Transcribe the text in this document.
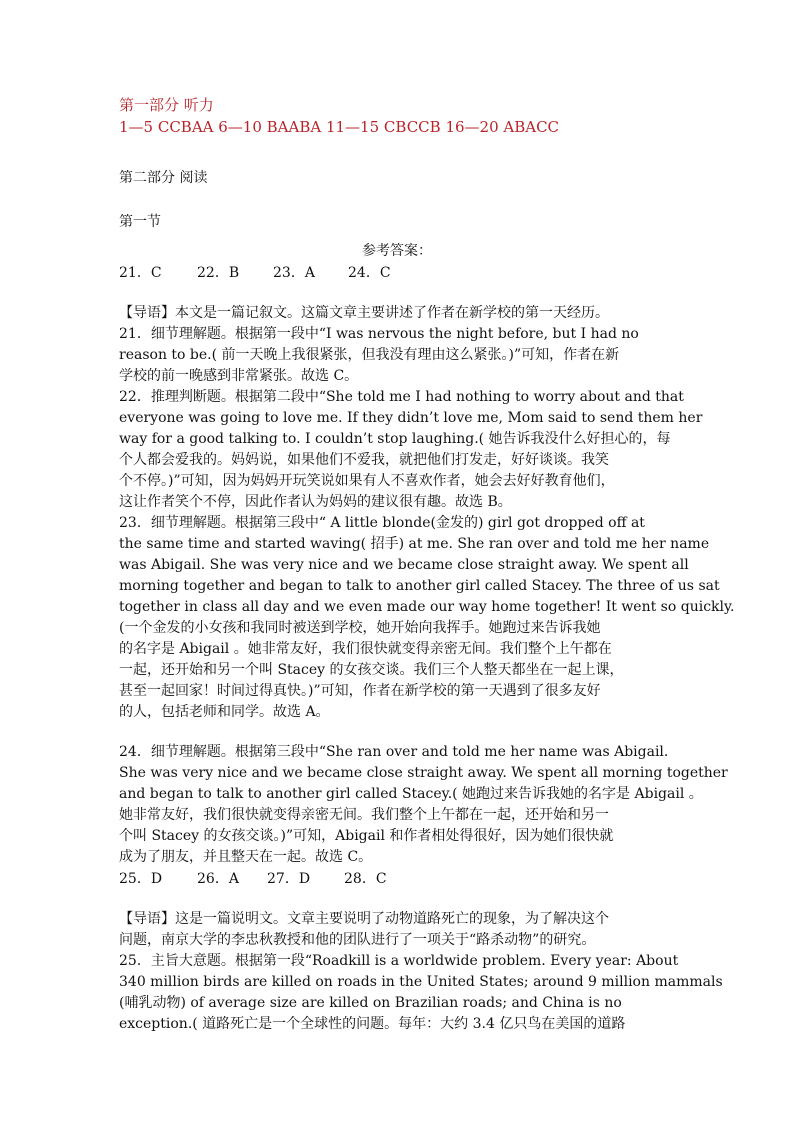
第一部分 听力
1—5 CCBAA 6—10 BAABA 11—15 CBCCB 16—20 ABACC
第二部分 阅读
第一节
参考答案：
21．C	22．B 23．A 24．C
【导语】本文是一篇记叙文。这篇文章主要讲述了作者在新学校的第一天经历。
21．细节理解题。根据第一段中“I was nervous the night before, but I had no
reason to be.( 前一天晚上我很紧张，但我没有理由这么紧张。)”可知，作者在新
学校的前一晚感到非常紧张。故选 C。
22．推理判断题。根据第二段中“She told me I had nothing to worry about and that
everyone was going to love me. If they didn’t love me, Mom said to send them her
way for a good talking to. I couldn’t stop laughing.( 她告诉我没什么好担心的，每
个人都会爱我的。妈妈说，如果他们不爱我，就把他们打发走，好好谈谈。我笑
个不停。)”可知，因为妈妈开玩笑说如果有人不喜欢作者，她会去好好教育他们，
这让作者笑个不停，因此作者认为妈妈的建议很有趣。故选 B。
23．细节理解题。根据第三段中“ A little blonde(金发的) girl got dropped off at
the same time and started waving( 招手) at me. She ran over and told me her name
was Abigail. She was very nice and we became close straight away. We spent all
morning together and began to talk to another girl called Stacey. The three of us sat
together in class all day and we even made our way home together! It went so quickly.
(一个金发的小女孩和我同时被送到学校，她开始向我挥手。她跑过来告诉我她
的名字是 Abigail 。她非常友好，我们很快就变得亲密无间。我们整个上午都在
一起，还开始和另一个叫 Stacey 的女孩交谈。我们三个人整天都坐在一起上课，
甚至一起回家！时间过得真快。)”可知，作者在新学校的第一天遇到了很多友好
的人，包括老师和同学。故选 A。
24．细节理解题。根据第三段中“She ran over and told me her name was Abigail.
She was very nice and we became close straight away. We spent all morning together
and began to talk to another girl called Stacey.( 她跑过来告诉我她的名字是 Abigail 。
她非常友好，我们很快就变得亲密无间。我们整个上午都在一起，还开始和另一
个叫 Stacey 的女孩交谈。)”可知，Abigail 和作者相处得很好，因为她们很快就
成为了朋友，并且整天在一起。故选 C。
25．D 26．A 27．D 28．C
【导语】这是一篇说明文。文章主要说明了动物道路死亡的现象，为了解决这个
问题，南京大学的李忠秋教授和他的团队进行了一项关于“路杀动物”的研究。
25．主旨大意题。根据第一段“Roadkill is a worldwide problem. Every year: About
340 million birds are killed on roads in the United States; around 9 million mammals
(哺乳动物) of average size are killed on Brazilian roads; and China is no
exception.( 道路死亡是一个全球性的问题。每年：大约 3.4 亿只鸟在美国的道路
